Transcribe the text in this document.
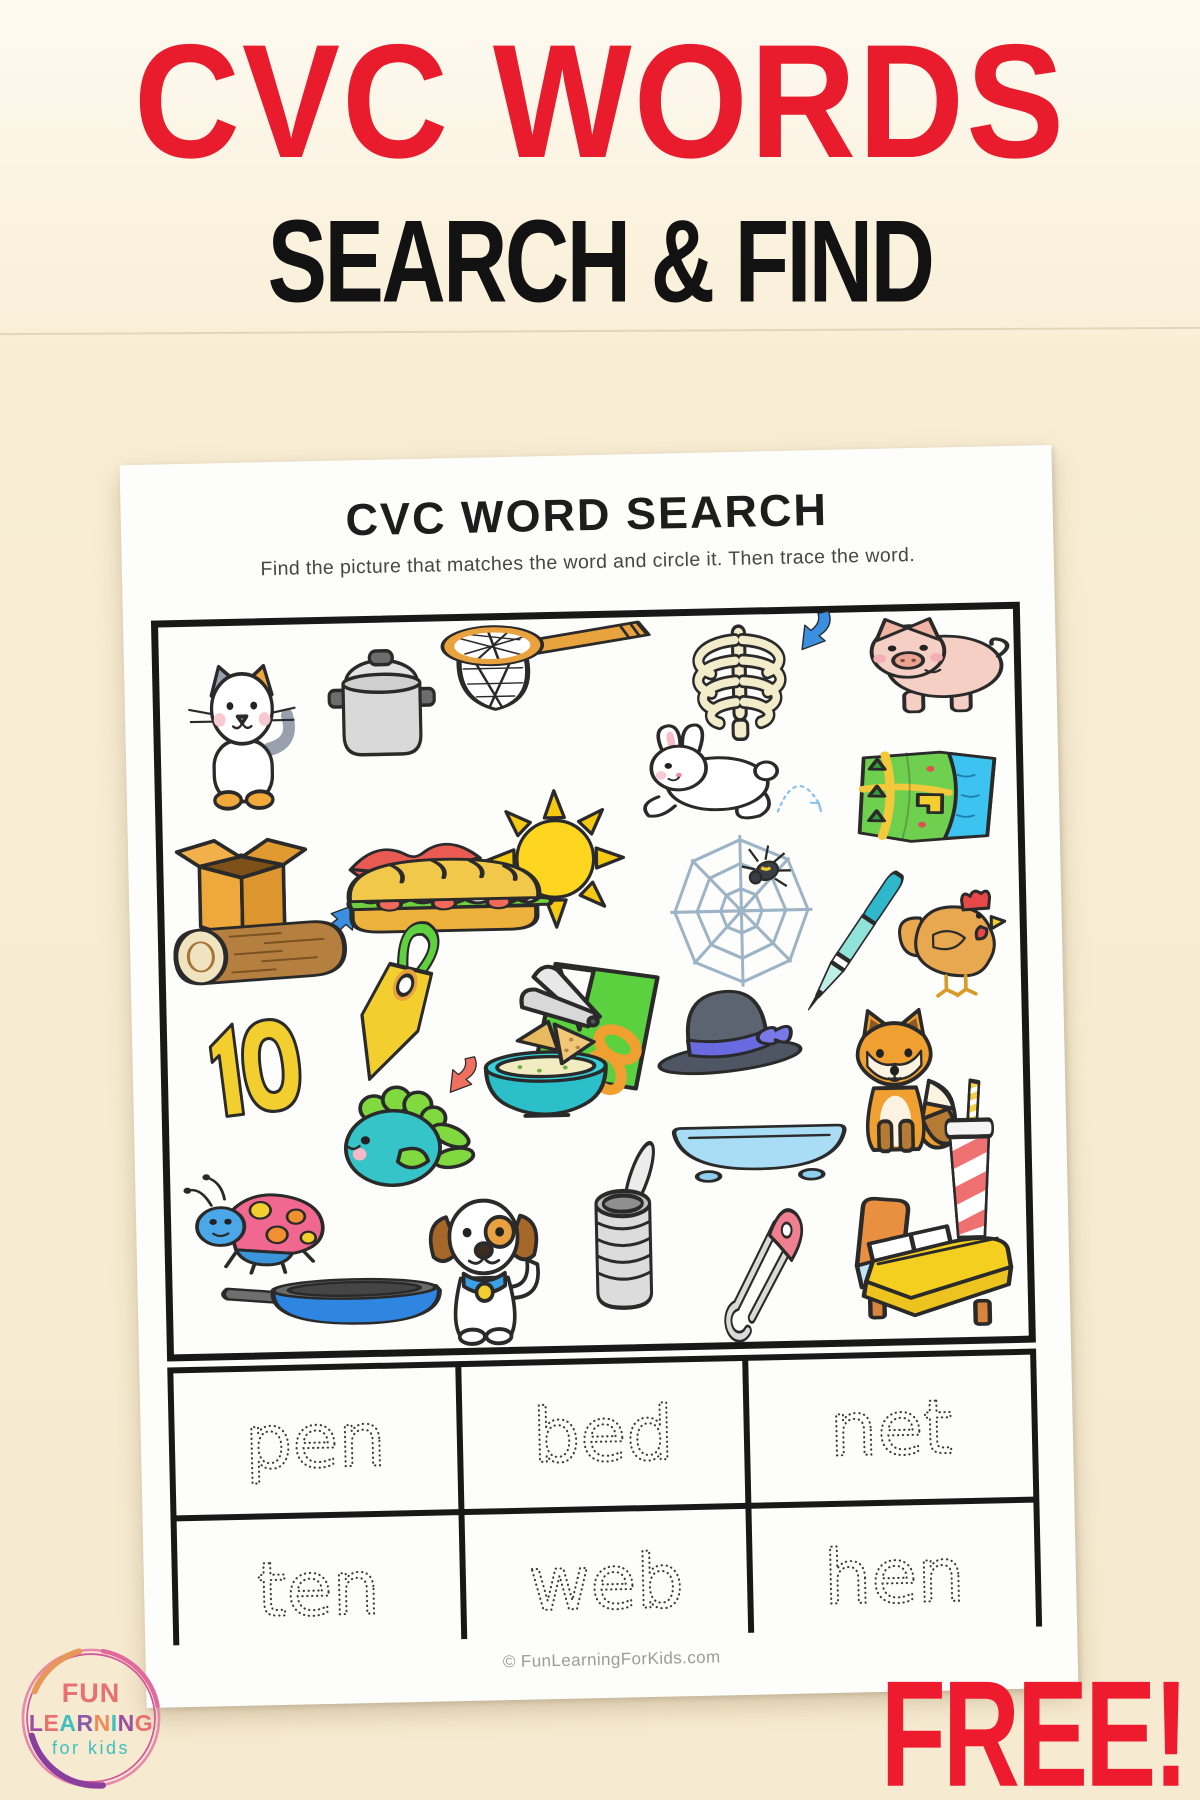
CVC WORDS
SEARCH & FIND
CVC WORD SEARCH
Find the picture that matches the word and circle it. Then trace the word.
pen bed net
ten web hen
© FunLearningForKids.com
FUN
LEARNING
for kids	FREE!
